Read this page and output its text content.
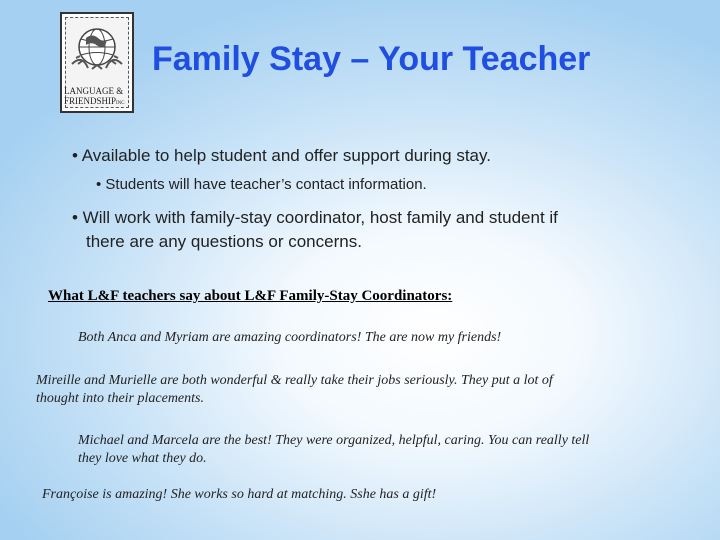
LANGUAGE &
FRIENDSHIPINC
Family Stay – Your Teacher
• Available to help student and offer support during stay.
• Students will have teacher’s contact information.
• Will work with family-stay coordinator, host family and student if
there are any questions or concerns.
What L&F teachers say about L&F Family-Stay Coordinators:
Both Anca and Myriam are amazing coordinators! The are now my friends!
Mireille and Murielle are both wonderful & really take their jobs seriously. They put a lot of
thought into their placements.
Michael and Marcela are the best! They were organized, helpful, caring. You can really tell
they love what they do.
Françoise is amazing! She works so hard at matching. Sshe has a gift!
